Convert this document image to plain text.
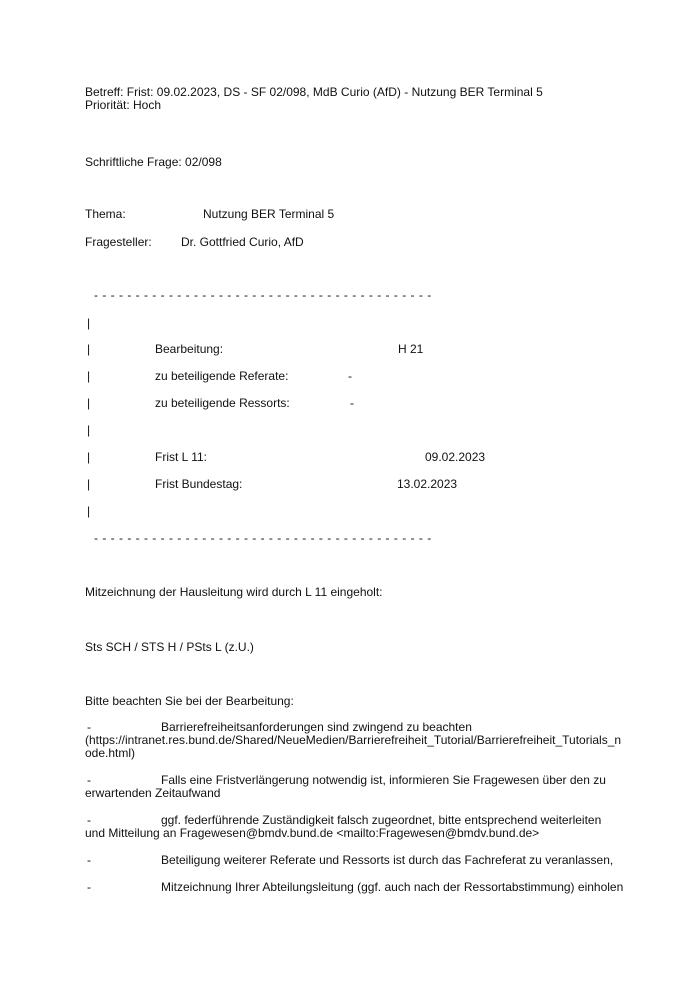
Betreff: Frist: 09.02.2023, DS - SF 02/098, MdB Curio (AfD) - Nutzung BER Terminal 5
Priorität: Hoch
Schriftliche Frage: 02/098
Thema:	Nutzung BER Terminal 5
Fragesteller: Dr. Gottfried Curio, AfD
- - - - - - - - - - - - - - - - - - - - - - - - - - - - - - - - - - - - - - - - -
|
|	Bearbeitung:	H 21
|	zu beteiligende Referate:	-
|	zu beteiligende Ressorts:	-
|
|	Frist L 11:	09.02.2023
|	Frist Bundestag:	13.02.2023
|
- - - - - - - - - - - - - - - - - - - - - - - - - - - - - - - - - - - - - - - - -
Mitzeichnung der Hausleitung wird durch L 11 eingeholt:
Sts SCH / STS H / PSts L (z.U.)
Bitte beachten Sie bei der Bearbeitung:
-	Barrierefreiheitsanforderungen sind zwingend zu beachten
(https://intranet.res.bund.de/Shared/NeueMedien/Barrierefreiheit_Tutorial/Barrierefreiheit_Tutorials_n
ode.html)
-	Falls eine Fristverlängerung notwendig ist, informieren Sie Fragewesen über den zu
erwartenden Zeitaufwand
-	ggf. federführende Zuständigkeit falsch zugeordnet, bitte entsprechend weiterleiten
und Mitteilung an Fragewesen@bmdv.bund.de <mailto:Fragewesen@bmdv.bund.de>
-	Beteiligung weiterer Referate und Ressorts ist durch das Fachreferat zu veranlassen,
-	Mitzeichnung Ihrer Abteilungsleitung (ggf. auch nach der Ressortabstimmung) einholen
